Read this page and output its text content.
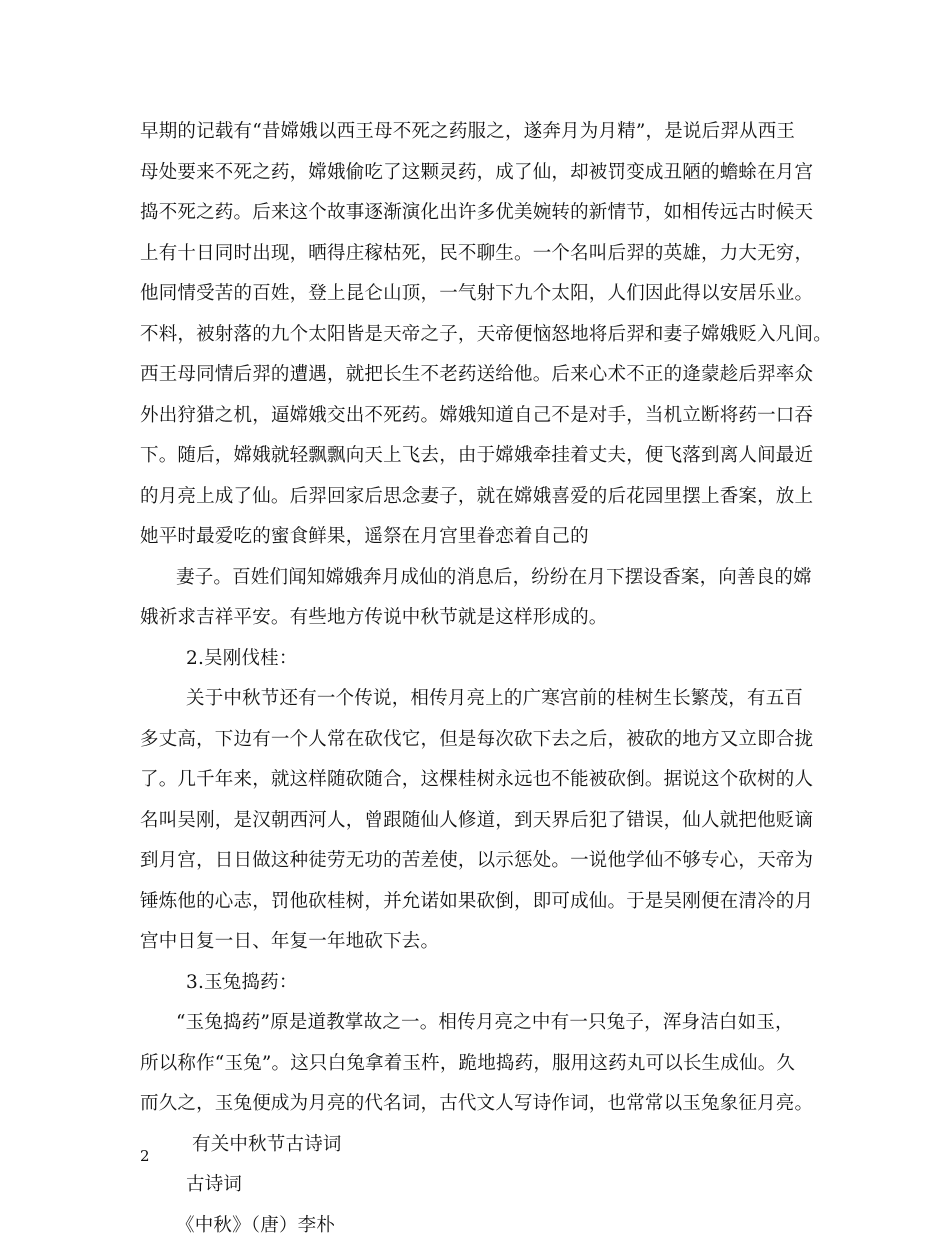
早期的记载有“昔嫦娥以西王母不死之药服之，遂奔月为月精”，是说后羿从西王
母处要来不死之药，嫦娥偷吃了这颗灵药，成了仙，却被罚变成丑陋的蟾蜍在月宫
捣不死之药。后来这个故事逐渐演化出许多优美婉转的新情节，如相传远古时候天
上有十日同时出现，晒得庄稼枯死，民不聊生。一个名叫后羿的英雄，力大无穷，
他同情受苦的百姓，登上昆仑山顶，一气射下九个太阳，人们因此得以安居乐业。
不料，被射落的九个太阳皆是天帝之子，天帝便恼怒地将后羿和妻子嫦娥贬入凡间。
西王母同情后羿的遭遇，就把长生不老药送给他。后来心术不正的逄蒙趁后羿率众
外出狩猎之机，逼嫦娥交出不死药。嫦娥知道自己不是对手，当机立断将药一口吞
下。随后，嫦娥就轻飘飘向天上飞去，由于嫦娥牵挂着丈夫，便飞落到离人间最近
的月亮上成了仙。后羿回家后思念妻子，就在嫦娥喜爱的后花园里摆上香案，放上
她平时最爱吃的蜜食鲜果，遥祭在月宫里眷恋着自己的
妻子。百姓们闻知嫦娥奔月成仙的消息后，纷纷在月下摆设香案，向善良的嫦
娥祈求吉祥平安。有些地方传说中秋节就是这样形成的。
2.吴刚伐桂：
关于中秋节还有一个传说，相传月亮上的广寒宫前的桂树生长繁茂，有五百
多丈高，下边有一个人常在砍伐它，但是每次砍下去之后，被砍的地方又立即合拢
了。几千年来，就这样随砍随合，这棵桂树永远也不能被砍倒。据说这个砍树的人
名叫吴刚，是汉朝西河人，曾跟随仙人修道，到天界后犯了错误，仙人就把他贬谪
到月宫，日日做这种徒劳无功的苦差使，以示惩处。一说他学仙不够专心，天帝为
锤炼他的心志，罚他砍桂树，并允诺如果砍倒，即可成仙。于是吴刚便在清冷的月
宫中日复一日、年复一年地砍下去。
3.玉兔捣药：
“玉兔捣药”原是道教掌故之一。相传月亮之中有一只兔子，浑身洁白如玉，
所以称作“玉兔”。这只白兔拿着玉杵，跪地捣药，服用这药丸可以长生成仙。久
而久之，玉兔便成为月亮的代名词，古代文人写诗作词，也常常以玉兔象征月亮。
有关中秋节古诗词
古诗词
《中秋》（唐）李朴
2
